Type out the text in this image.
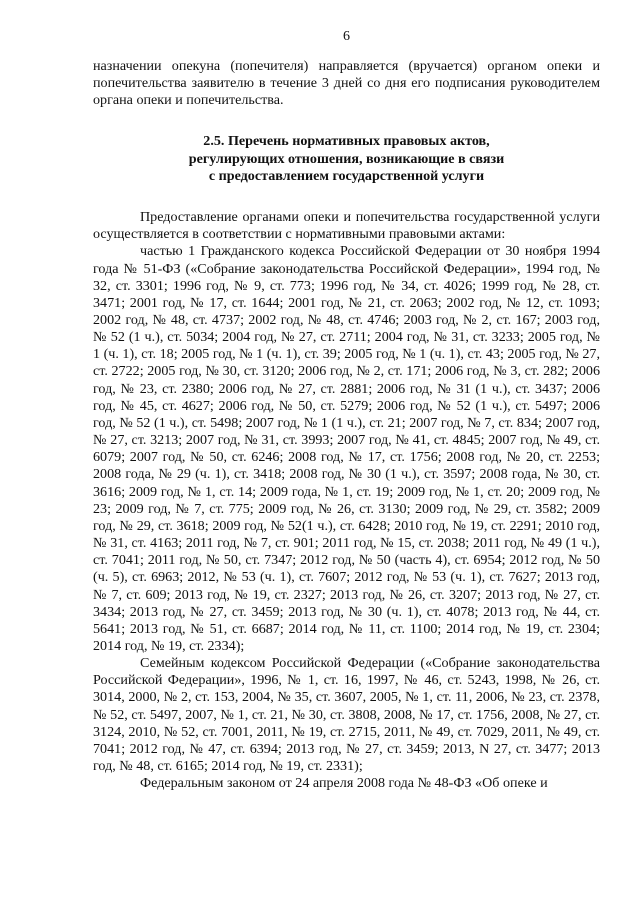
6

назначении опекуна (попечителя) направляется (вручается) органом опеки и попечительства заявителю в течение 3 дней со дня его подписания руководителем органа опеки и попечительства.

2.5. Перечень нормативных правовых актов,
регулирующих отношения, возникающие в связи
с предоставлением государственной услуги

Предоставление органами опеки и попечительства государственной услуги осуществляется в соответствии с нормативными правовыми актами:

частью 1 Гражданского кодекса Российской Федерации от 30 ноября 1994 года № 51-ФЗ («Собрание законодательства Российской Федерации», 1994 год, № 32, ст. 3301; 1996 год, № 9, ст. 773; 1996 год, № 34, ст. 4026; 1999 год, № 28, ст. 3471; 2001 год, № 17, ст. 1644; 2001 год, № 21, ст. 2063; 2002 год, № 12, ст. 1093; 2002 год, № 48, ст. 4737; 2002 год, № 48, ст. 4746; 2003 год, № 2, ст. 167; 2003 год, № 52 (1 ч.), ст. 5034; 2004 год, № 27, ст. 2711; 2004 год, № 31, ст. 3233; 2005 год, № 1 (ч. 1), ст. 18; 2005 год, № 1 (ч. 1), ст. 39; 2005 год, № 1 (ч. 1), ст. 43; 2005 год, № 27, ст. 2722; 2005 год, № 30, ст. 3120; 2006 год, № 2, ст. 171; 2006 год, № 3, ст. 282; 2006 год, № 23, ст. 2380; 2006 год, № 27, ст. 2881; 2006 год, № 31 (1 ч.), ст. 3437; 2006 год, № 45, ст. 4627; 2006 год, № 50, ст. 5279; 2006 год, № 52 (1 ч.), ст. 5497; 2006 год, № 52 (1 ч.), ст. 5498; 2007 год, № 1 (1 ч.), ст. 21; 2007 год, № 7, ст. 834; 2007 год, № 27, ст. 3213; 2007 год, № 31, ст. 3993; 2007 год, № 41, ст. 4845; 2007 год, № 49, ст. 6079; 2007 год, № 50, ст. 6246; 2008 год, № 17, ст. 1756; 2008 год, № 20, ст. 2253; 2008 года, № 29 (ч. 1), ст. 3418; 2008 год, № 30 (1 ч.), ст. 3597; 2008 года, № 30, ст. 3616; 2009 год, № 1, ст. 14; 2009 года, № 1, ст. 19; 2009 год, № 1, ст. 20; 2009 год, № 23; 2009 год, № 7, ст. 775; 2009 год, № 26, ст. 3130; 2009 год, № 29, ст. 3582; 2009 год, № 29, ст. 3618; 2009 год, № 52(1 ч.), ст. 6428; 2010 год, № 19, ст. 2291; 2010 год, № 31, ст. 4163; 2011 год, № 7, ст. 901; 2011 год, № 15, ст. 2038; 2011 год, № 49 (1 ч.), ст. 7041; 2011 год, № 50, ст. 7347; 2012 год, № 50 (часть 4), ст. 6954; 2012 год, № 50 (ч. 5), ст. 6963; 2012, № 53 (ч. 1), ст. 7607; 2012 год, № 53 (ч. 1), ст. 7627; 2013 год, № 7, ст. 609; 2013 год, № 19, ст. 2327; 2013 год, № 26, ст. 3207; 2013 год, № 27, ст. 3434; 2013 год, № 27, ст. 3459; 2013 год, № 30 (ч. 1), ст. 4078; 2013 год, № 44, ст. 5641; 2013 год, № 51, ст. 6687; 2014 год, № 11, ст. 1100; 2014 год, № 19, ст. 2304; 2014 год, № 19, ст. 2334);

Семейным кодексом Российской Федерации («Собрание законодательства Российской Федерации», 1996, № 1, ст. 16, 1997, № 46, ст. 5243, 1998, № 26, ст. 3014, 2000, № 2, ст. 153, 2004, № 35, ст. 3607, 2005, № 1, ст. 11, 2006, № 23, ст. 2378, № 52, ст. 5497, 2007, № 1, ст. 21, № 30, ст. 3808, 2008, № 17, ст. 1756, 2008, № 27, ст. 3124, 2010, № 52, ст. 7001, 2011, № 19, ст. 2715, 2011, № 49, ст. 7029, 2011, № 49, ст. 7041; 2012 год, № 47, ст. 6394; 2013 год, № 27, ст. 3459; 2013, N 27, ст. 3477; 2013 год, № 48, ст. 6165; 2014 год, № 19, ст. 2331);

Федеральным законом от 24 апреля 2008 года № 48-ФЗ «Об опеке и
